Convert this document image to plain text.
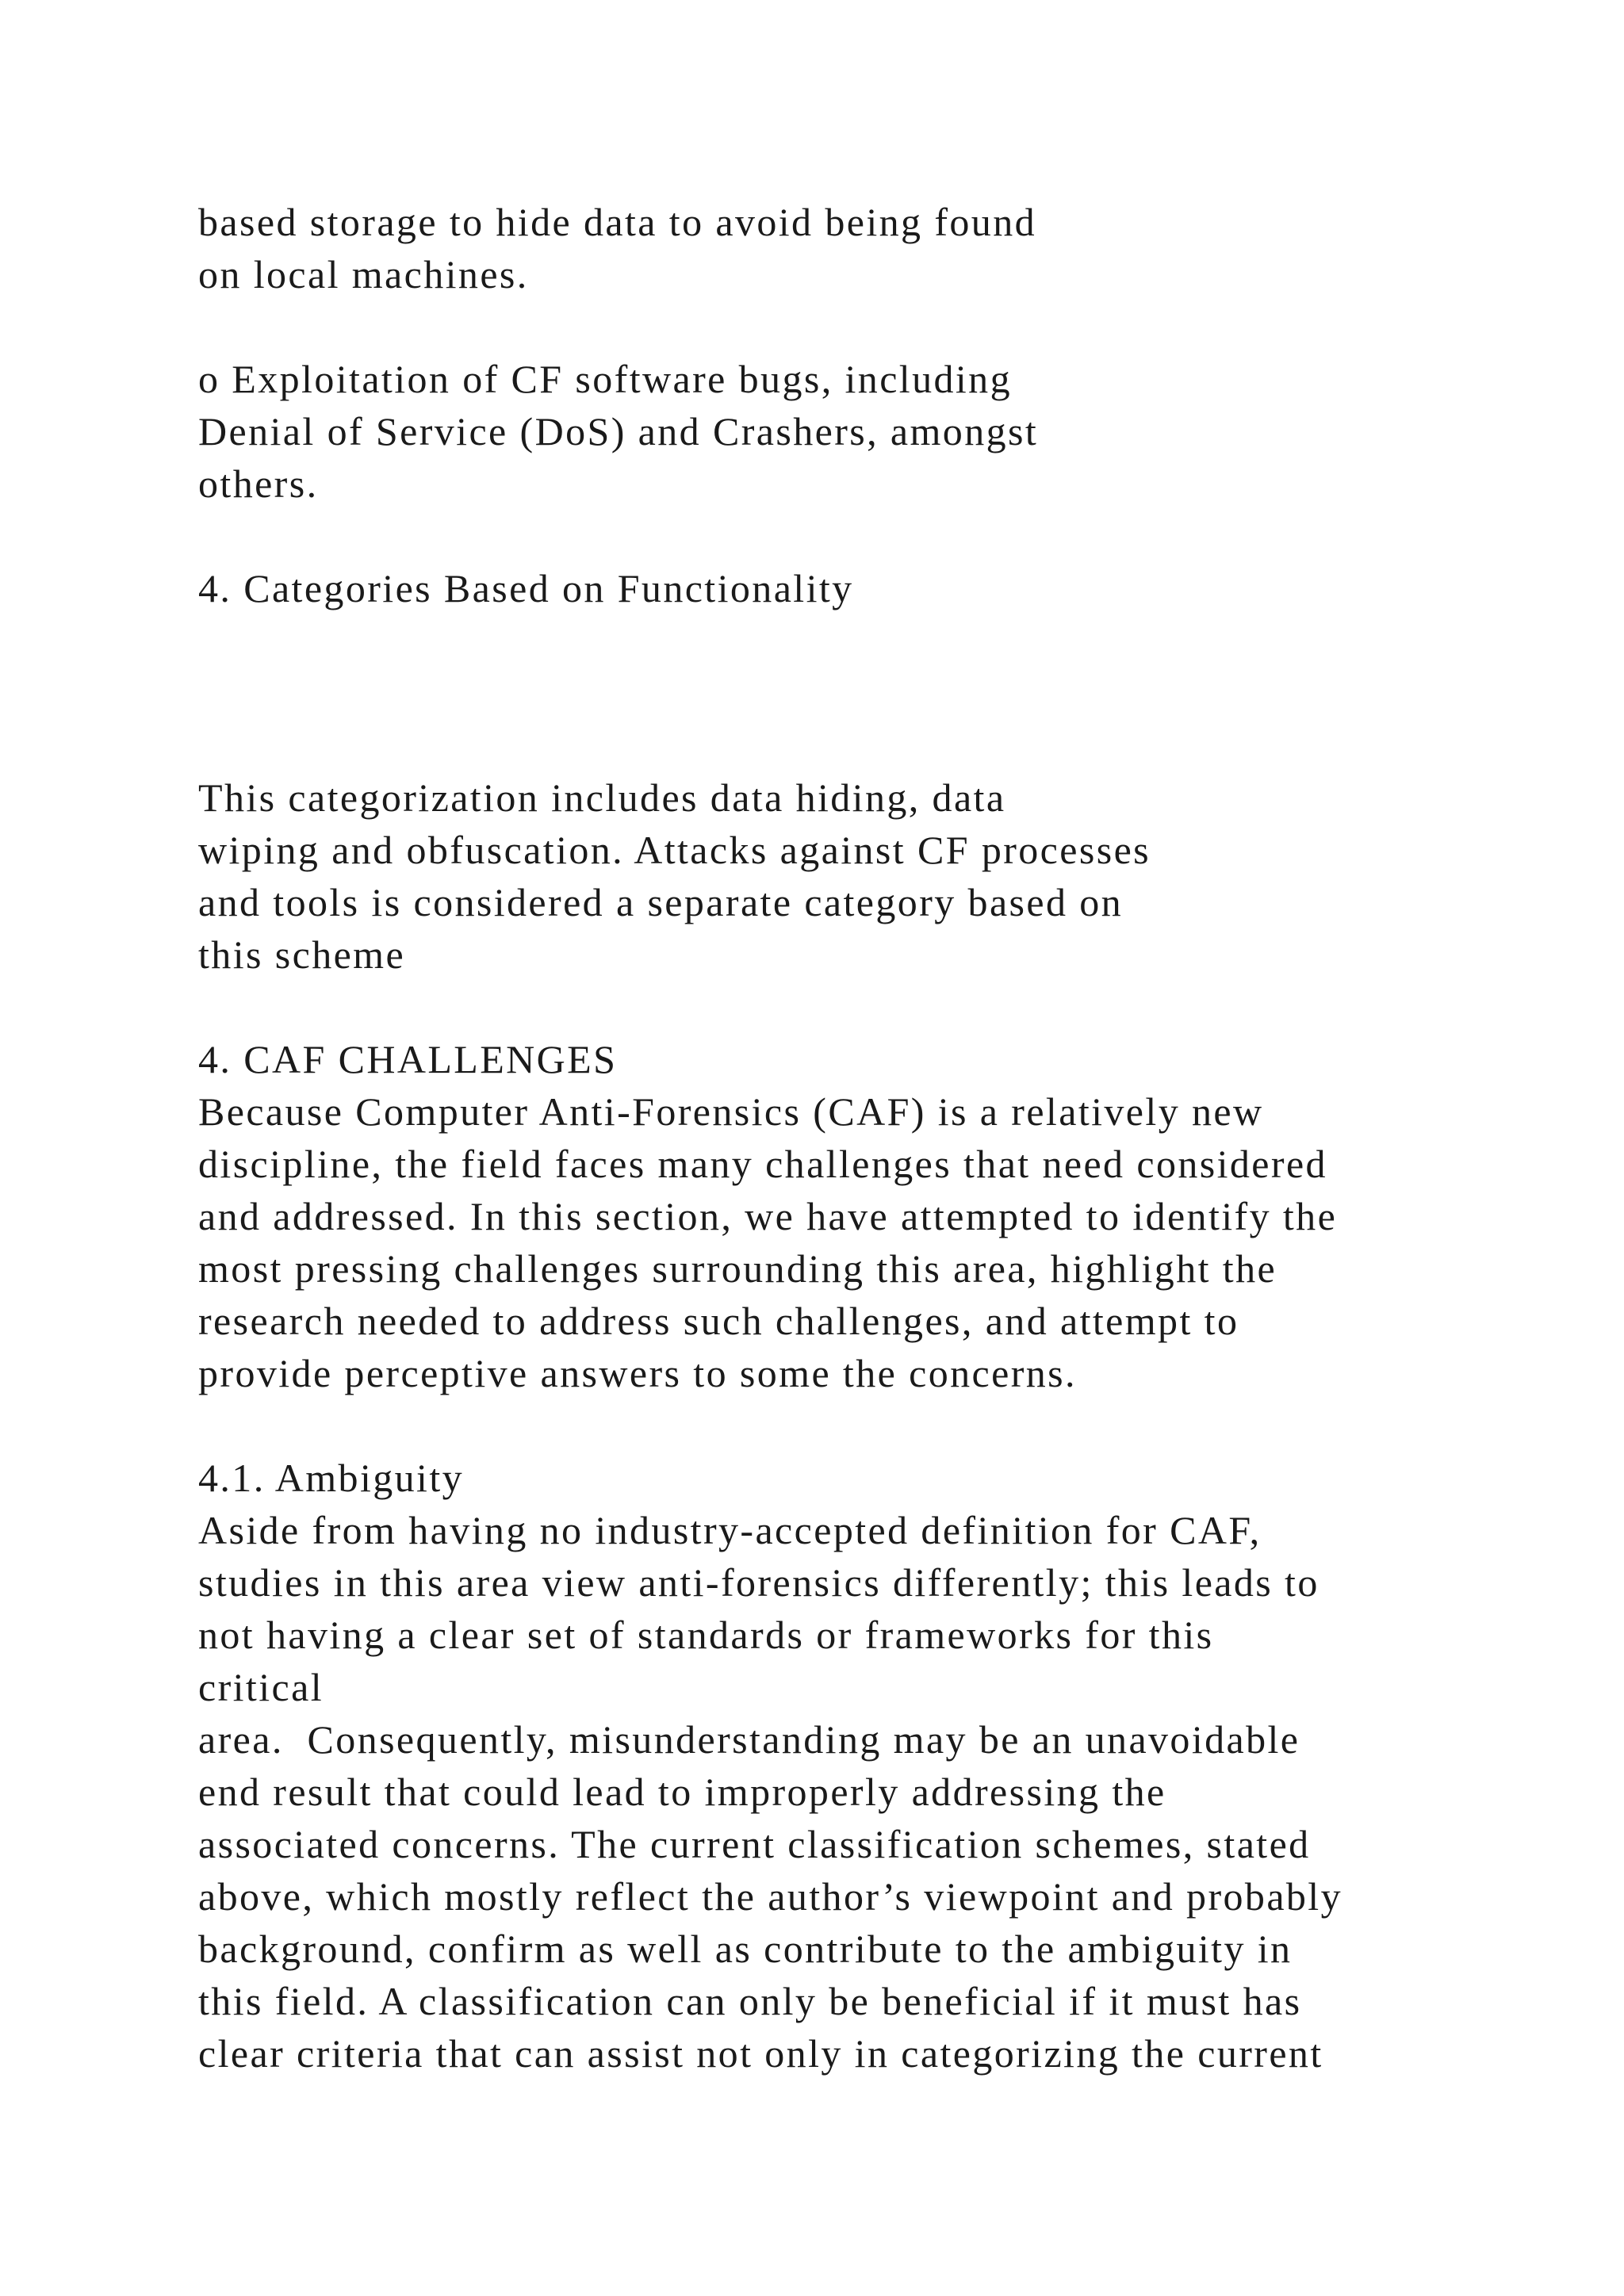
based storage to hide data to avoid being found

on local machines.

o Exploitation of CF software bugs, including

Denial of Service (DoS) and Crashers, amongst

others.

4. Categories Based on Functionality

This categorization includes data hiding, data

wiping and obfuscation. Attacks against CF processes

and tools is considered a separate category based on

this scheme

4. CAF CHALLENGES

Because Computer Anti-Forensics (CAF) is a relatively new

discipline, the field faces many challenges that need considered

and addressed. In this section, we have attempted to identify the

most pressing challenges surrounding this area, highlight the

research needed to address such challenges, and attempt to

provide perceptive answers to some the concerns.

4.1. Ambiguity

Aside from having no industry-accepted definition for CAF,

studies in this area view anti-forensics differently; this leads to

not having a clear set of standards or frameworks for this

critical

area.  Consequently, misunderstanding may be an unavoidable

end result that could lead to improperly addressing the

associated concerns. The current classification schemes, stated

above, which mostly reflect the author’s viewpoint and probably

background, confirm as well as contribute to the ambiguity in

this field. A classification can only be beneficial if it must has

clear criteria that can assist not only in categorizing the current
